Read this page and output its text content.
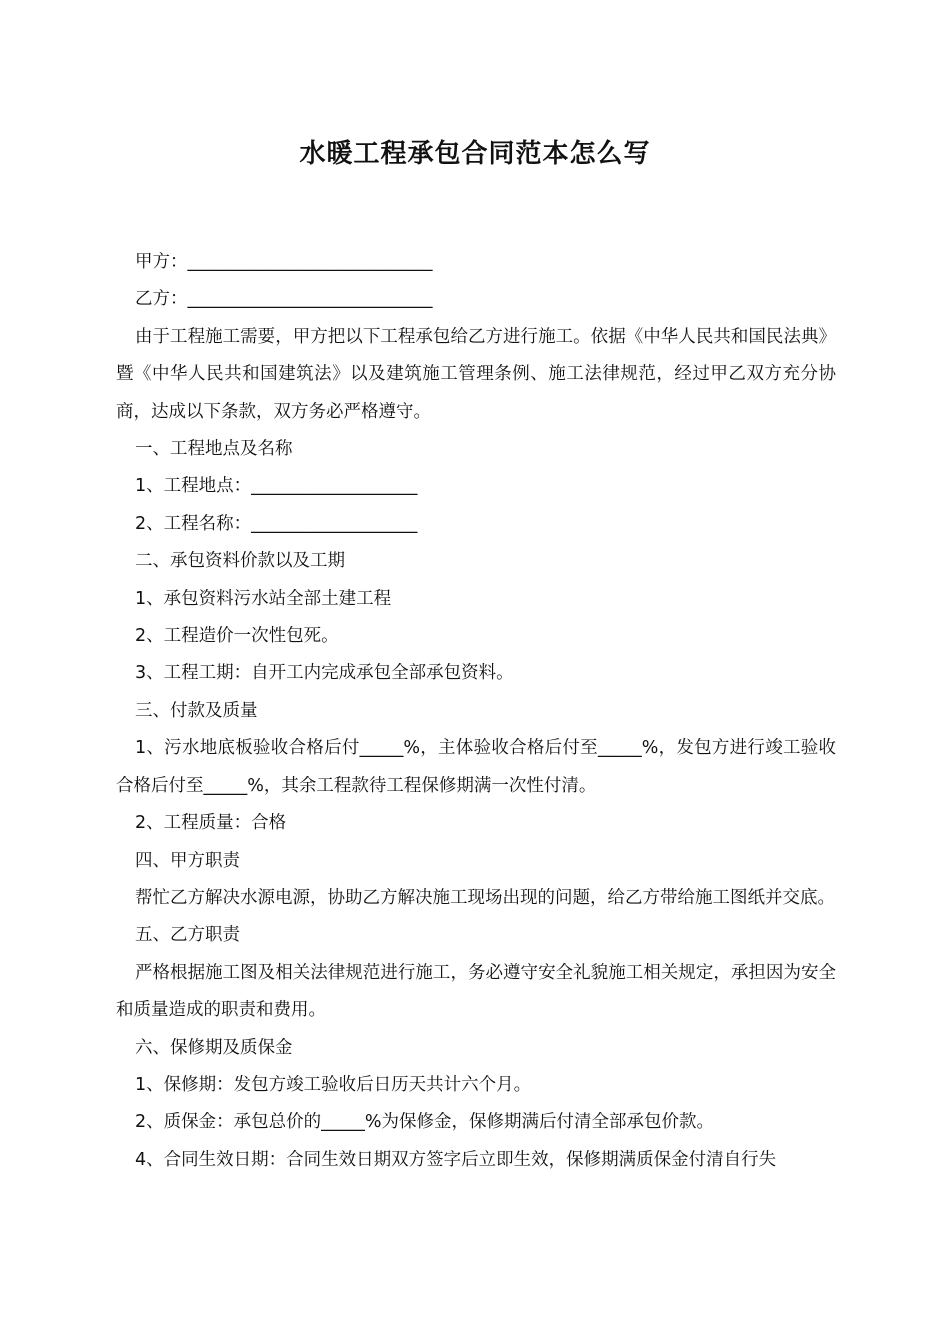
水暖工程承包合同范本怎么写

甲方：____________________________

乙方：____________________________

由于工程施工需要，甲方把以下工程承包给乙方进行施工。依据《中华人民共和国民法典》暨《中华人民共和国建筑法》以及建筑施工管理条例、施工法律规范，经过甲乙双方充分协商，达成以下条款，双方务必严格遵守。

一、工程地点及名称

1、工程地点：___________________

2、工程名称：___________________

二、承包资料价款以及工期

1、承包资料污水站全部土建工程

2、工程造价一次性包死。

3、工程工期：自开工内完成承包全部承包资料。

三、付款及质量

1、污水地底板验收合格后付_____%，主体验收合格后付至_____%，发包方进行竣工验收合格后付至_____%，其余工程款待工程保修期满一次性付清。

2、工程质量：合格

四、甲方职责

帮忙乙方解决水源电源，协助乙方解决施工现场出现的问题，给乙方带给施工图纸并交底。

五、乙方职责

严格根据施工图及相关法律规范进行施工，务必遵守安全礼貌施工相关规定，承担因为安全和质量造成的职责和费用。

六、保修期及质保金

1、保修期：发包方竣工验收后日历天共计六个月。

2、质保金：承包总价的_____%为保修金，保修期满后付清全部承包价款。

4、合同生效日期：合同生效日期双方签字后立即生效，保修期满质保金付清自行失
